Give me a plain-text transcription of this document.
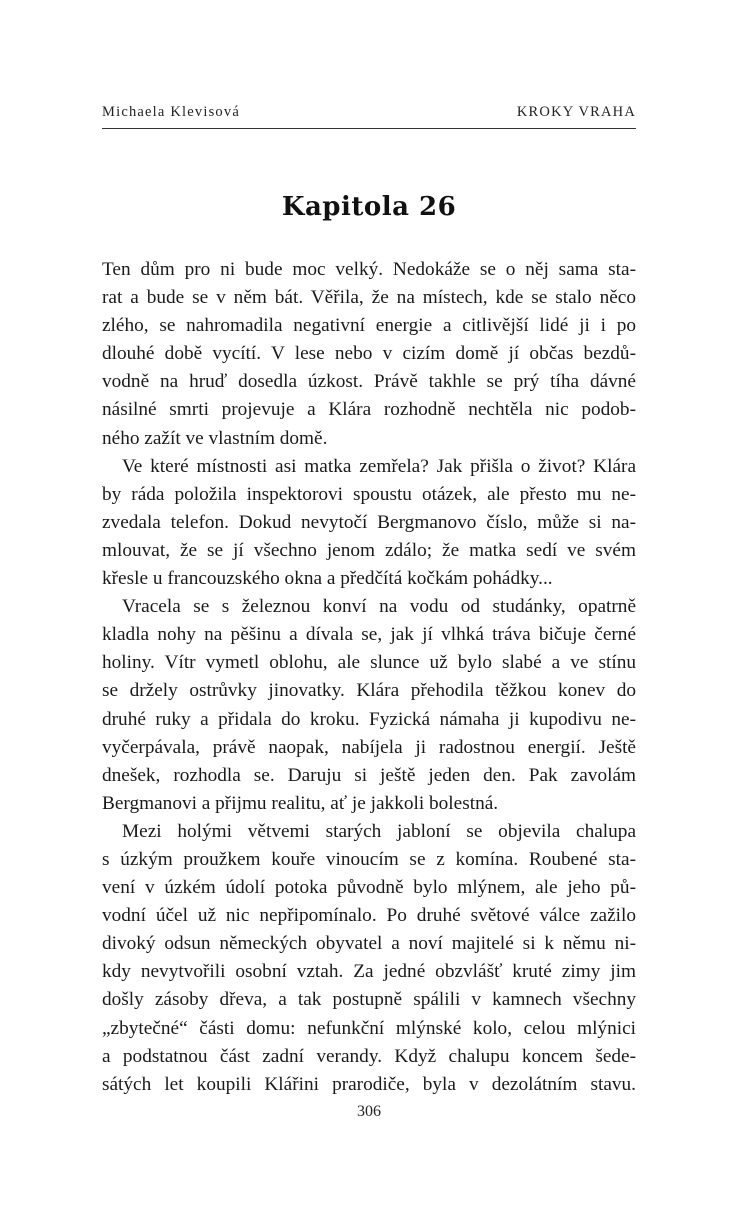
Michaela Klevisová	KROKY VRAHA
Kapitola 26
Ten dům pro ni bude moc velký. Nedokáže se o něj sama sta-
rat a bude se v něm bát. Věřila, že na místech, kde se stalo něco
zlého, se nahromadila negativní energie a citlivější lidé ji i po
dlouhé době vycítí. V lese nebo v cizím domě jí občas bezdů-
vodně na hruď dosedla úzkost. Právě takhle se prý tíha dávné
násilné smrti projevuje a Klára rozhodně nechtěla nic podob-
ného zažít ve vlastním domě.
Ve které místnosti asi matka zemřela? Jak přišla o život? Klára
by ráda položila inspektorovi spoustu otázek, ale přesto mu ne-
zvedala telefon. Dokud nevytočí Bergmanovo číslo, může si na-
mlouvat, že se jí všechno jenom zdálo; že matka sedí ve svém
křesle u francouzského okna a předčítá kočkám pohádky...
Vracela se s železnou konví na vodu od studánky, opatrně
kladla nohy na pěšinu a dívala se, jak jí vlhká tráva bičuje černé
holiny. Vítr vymetl oblohu, ale slunce už bylo slabé a ve stínu
se držely ostrůvky jinovatky. Klára přehodila těžkou konev do
druhé ruky a přidala do kroku. Fyzická námaha ji kupodivu ne-
vyčerpávala, právě naopak, nabíjela ji radostnou energií. Ještě
dnešek, rozhodla se. Daruju si ještě jeden den. Pak zavolám
Bergmanovi a přijmu realitu, ať je jakkoli bolestná.
Mezi holými větvemi starých jabloní se objevila chalupa
s úzkým proužkem kouře vinoucím se z komína. Roubené sta-
vení v úzkém údolí potoka původně bylo mlýnem, ale jeho pů-
vodní účel už nic nepřipomínalo. Po druhé světové válce zažilo
divoký odsun německých obyvatel a noví majitelé si k němu ni-
kdy nevytvořili osobní vztah. Za jedné obzvlášť kruté zimy jim
došly zásoby dřeva, a tak postupně spálili v kamnech všechny
„zbytečné“ části domu: nefunkční mlýnské kolo, celou mlýnici
a podstatnou část zadní verandy. Když chalupu koncem šede-
sátých let koupili Klářini prarodiče, byla v dezolátním stavu.
306
